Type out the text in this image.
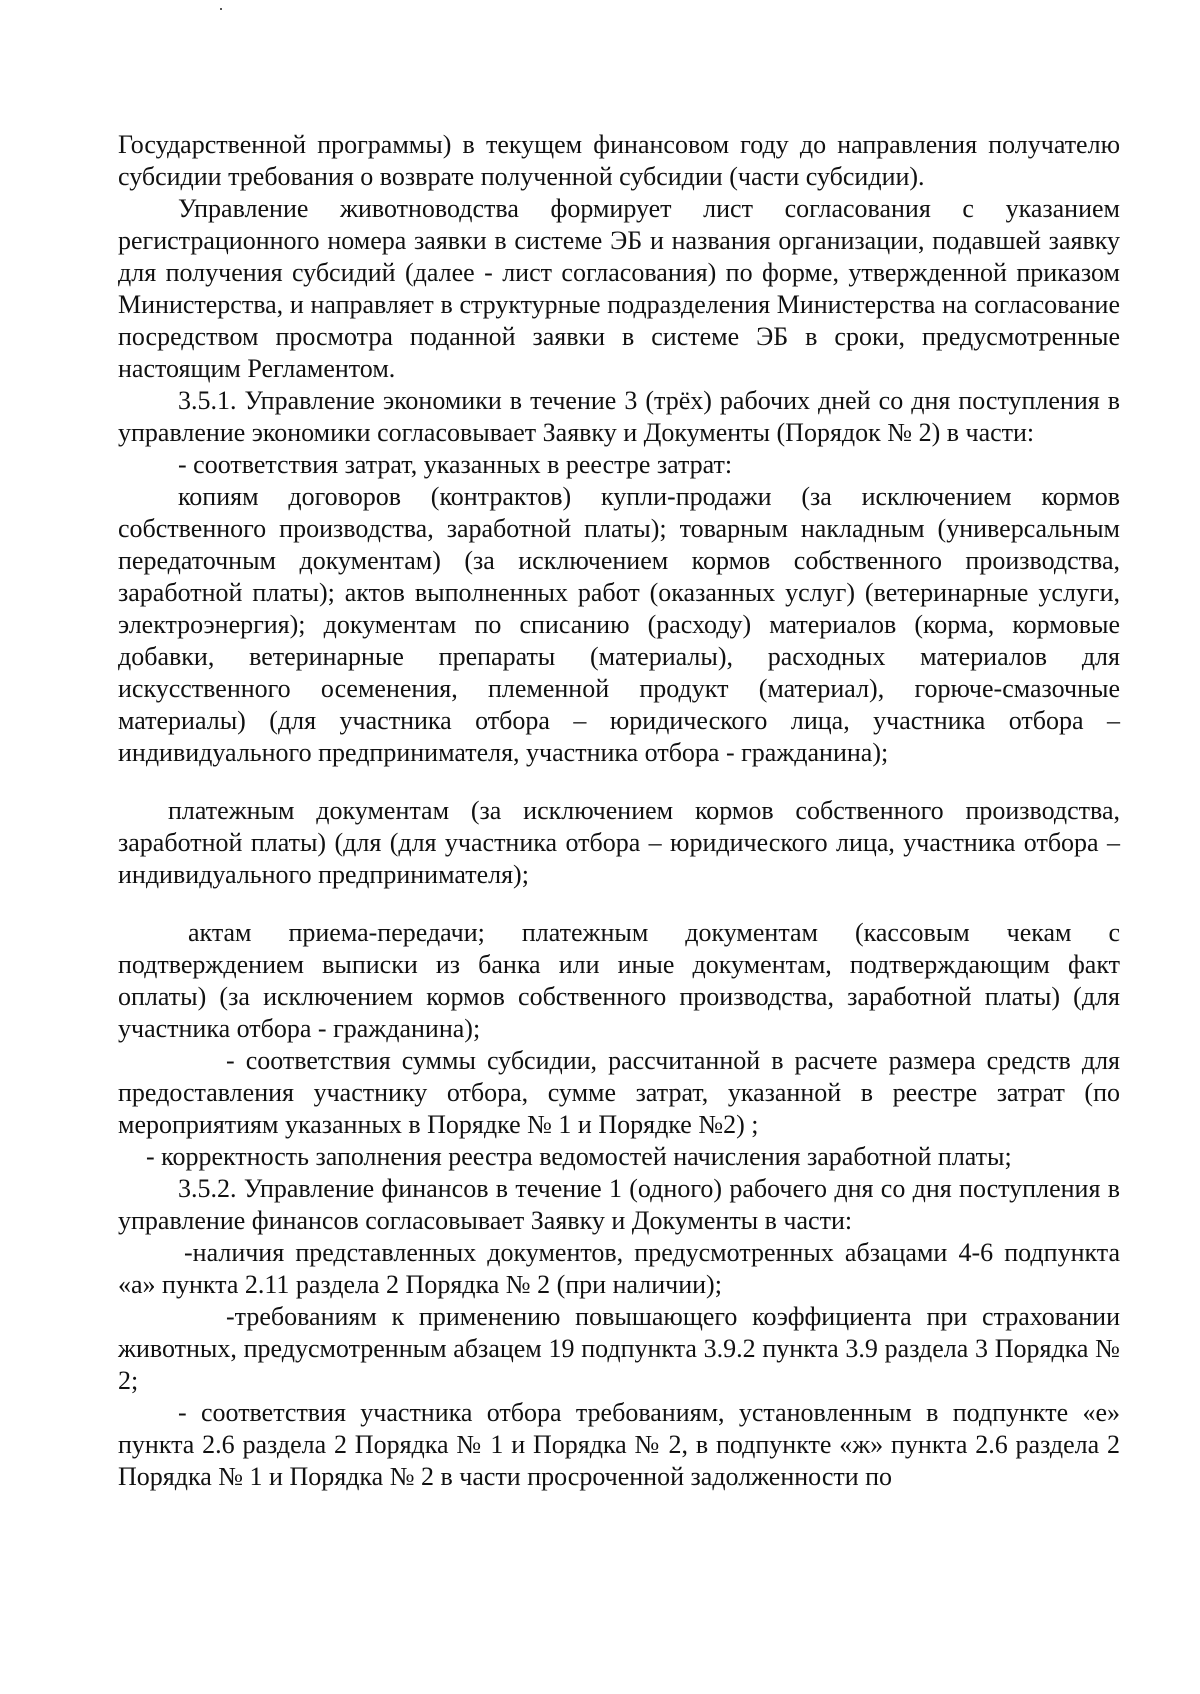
Государственной программы) в текущем финансовом году до направления получателю субсидии требования о возврате полученной субсидии (части субсидии).

Управление животноводства формирует лист согласования с указанием регистрационного номера заявки в системе ЭБ и названия организации, подавшей заявку для получения субсидий (далее - лист согласования) по форме, утвержденной приказом Министерства, и направляет в структурные подразделения Министерства на согласование посредством просмотра поданной заявки в системе ЭБ в сроки, предусмотренные настоящим Регламентом.

3.5.1. Управление экономики в течение 3 (трёх) рабочих дней со дня поступления в управление экономики согласовывает Заявку и Документы (Порядок № 2) в части:

- соответствия затрат, указанных в реестре затрат:

копиям договоров (контрактов) купли-продажи (за исключением кормов собственного производства, заработной платы); товарным накладным (универсальным передаточным документам) (за исключением кормов собственного производства, заработной платы); актов выполненных работ (оказанных услуг) (ветеринарные услуги, электроэнергия); документам по списанию (расходу) материалов (корма, кормовые добавки, ветеринарные препараты (материалы), расходных материалов для искусственного осеменения, племенной продукт (материал), горюче-смазочные материалы) (для участника отбора – юридического лица, участника отбора – индивидуального предпринимателя, участника отбора - гражданина);

платежным документам (за исключением кормов собственного производства, заработной платы) (для (для участника отбора – юридического лица, участника отбора – индивидуального предпринимателя);

актам приема-передачи; платежным документам (кассовым чекам с подтверждением выписки из банка или иные документам, подтверждающим факт оплаты) (за исключением кормов собственного производства, заработной платы) (для участника отбора - гражданина);

- соответствия суммы субсидии, рассчитанной в расчете размера средств для предоставления участнику отбора, сумме затрат, указанной в реестре затрат (по мероприятиям указанных в Порядке № 1 и Порядке №2) ;

- корректность заполнения реестра ведомостей начисления заработной платы;

3.5.2. Управление финансов в течение 1 (одного) рабочего дня со дня поступления в управление финансов согласовывает Заявку и Документы в части:

-наличия представленных документов, предусмотренных абзацами 4-6 подпункта «а» пункта 2.11 раздела 2 Порядка № 2 (при наличии);

-требованиям к применению повышающего коэффициента при страховании животных, предусмотренным абзацем 19 подпункта 3.9.2 пункта 3.9 раздела 3 Порядка № 2;

- соответствия участника отбора требованиям, установленным в подпункте «е» пункта 2.6 раздела 2 Порядка № 1 и Порядка № 2, в подпункте «ж» пункта 2.6 раздела 2 Порядка № 1 и Порядка № 2 в части просроченной задолженности по
